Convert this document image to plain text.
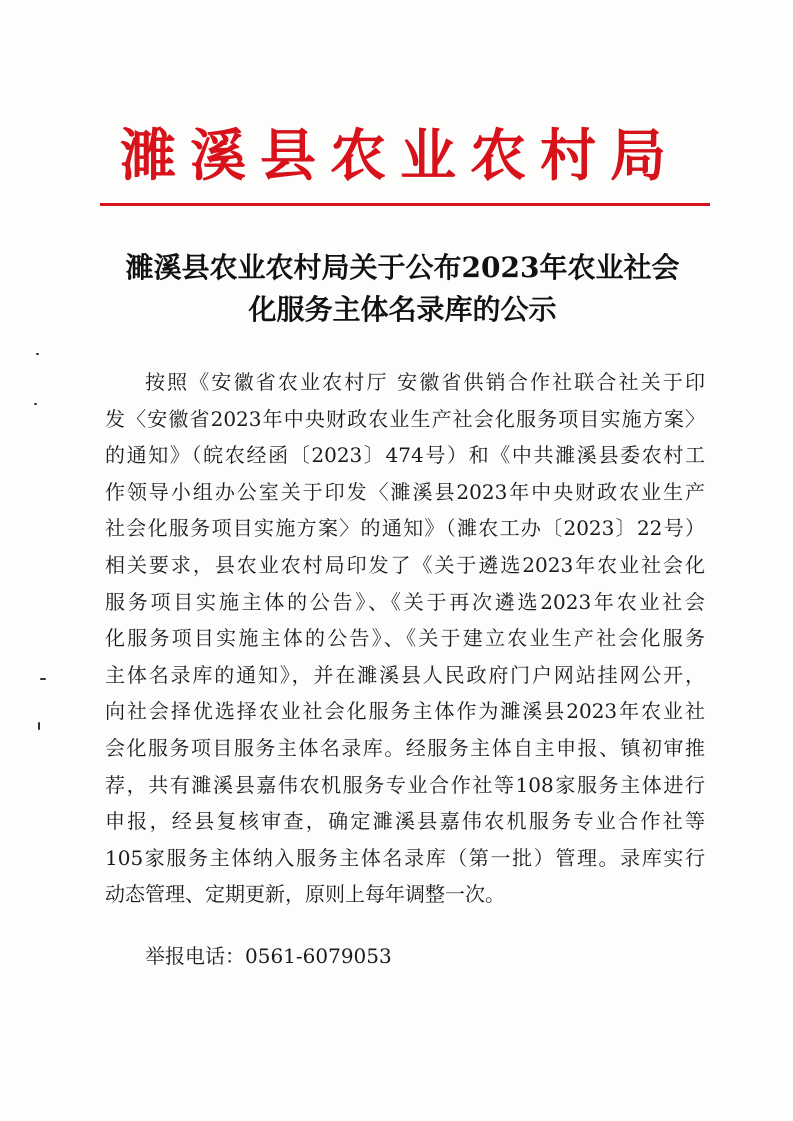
濉溪县农业农村局
濉溪县农业农村局关于公布2023年农业社会
化服务主体名录库的公示
按照《安徽省农业农村厅 安徽省供销合作社联合社关于印
发〈安徽省2023年中央财政农业生产社会化服务项目实施方案〉
的通知》（皖农经函〔2023〕474号）和《中共濉溪县委农村工
作领导小组办公室关于印发〈濉溪县2023年中央财政农业生产
社会化服务项目实施方案〉的通知》（濉农工办〔2023〕22号）
相关要求，县农业农村局印发了《关于遴选2023年农业社会化
服务项目实施主体的公告》、《关于再次遴选2023年农业社会
化服务项目实施主体的公告》、《关于建立农业生产社会化服务
主体名录库的通知》，并在濉溪县人民政府门户网站挂网公开，
向社会择优选择农业社会化服务主体作为濉溪县2023年农业社
会化服务项目服务主体名录库。经服务主体自主申报、镇初审推
荐，共有濉溪县嘉伟农机服务专业合作社等108家服务主体进行
申报，经县复核审查，确定濉溪县嘉伟农机服务专业合作社等
105家服务主体纳入服务主体名录库（第一批）管理。录库实行
动态管理、定期更新，原则上每年调整一次。
举报电话：0561-6079053
